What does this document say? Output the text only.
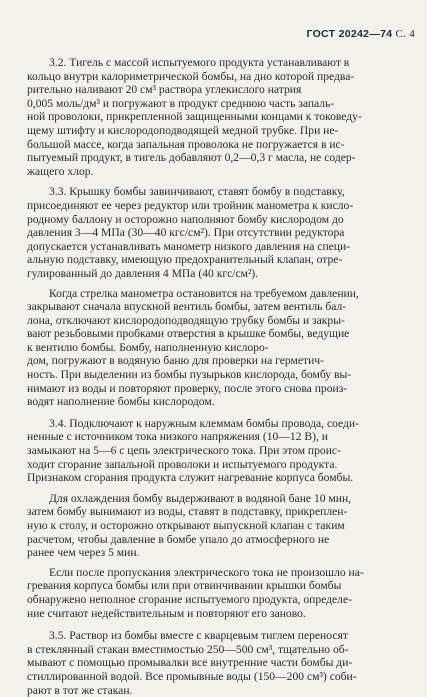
ГОСТ 20242—74 С. 4
3.2. Тигель с массой испытуемого продукта устанавливают в
кольцо внутри калориметрической бомбы, на дно которой предва-
рительно наливают 20 см³ раствора углекислого натрия
0,005 моль/дм³ и погружают в продукт среднюю часть запаль-
ной проволоки, прикрепленной защищенными концами к токоведу-
щему штифту и кислородоподводящей медной трубке. При не-
большой массе, когда запальная проволока не погружается в ис-
пытуемый продукт, в тигель добавляют 0,2—0,3 г масла, не содер-
жащего хлор.
3.3. Крышку бомбы завинчивают, ставят бомбу в подставку,
присоединяют ее через редуктор или тройник манометра к кисло-
родному баллону и осторожно наполняют бомбу кислородом до
давления 3—4 МПа (30—40 кгс/см²). При отсутствии редуктора
допускается устанавливать манометр низкого давления на специ-
альную подставку, имеющую предохранительный клапан, отре-
гулированный до давления 4 МПа (40 кгс/см²).
Когда стрелка манометра остановится на требуемом давлении,
закрывают сначала впускной вентиль бомбы, затем вентиль бал-
лона, отключают кислородоподводящую трубку бомбы и закры-
вают резьбовыми пробками отверстия в крышке бомбы, ведущие
к вентилю бомбы. Бомбу, наполненную кислоро-
дом, погружают в водяную баню для проверки на герметич-
ность. При выделении из бомбы пузырьков кислорода, бомбу вы-
нимают из воды и повторяют проверку, после этого снова произ-
водят наполнение бомбы кислородом.
3.4. Подключают к наружным клеммам бомбы провода, соеди-
ненные с источником тока низкого напряжения (10—12 В), и
замыкают на 5—6 с цепь электрического тока. При этом проис-
ходит сгорание запальной проволоки и испытуемого продукта.
Признаком сгорания продукта служит нагревание корпуса бомбы.
Для охлаждения бомбу выдерживают в водяной бане 10 мин,
затем бомбу вынимают из воды, ставят в подставку, прикреплен-
ную к столу, и осторожно открывают выпускной клапан с таким
расчетом, чтобы давление в бомбе упало до атмосферного не
ранее чем через 5 мин.
Если после пропускания электрического тока не произошло на-
гревания корпуса бомбы или при отвинчивании крышки бомбы
обнаружено неполное сгорание испытуемого продукта, определе-
ние считают недействительным и повторяют его заново.
3.5. Раствор из бомбы вместе с кварцевым тиглем переносят
в стеклянный стакан вместимостью 250—500 см³, тщательно об-
мывают с помощью промывалки все внутренние части бомбы ди-
стиллированной водой. Все промывные воды (150—200 см³) соби-
рают в тот же стакан.
